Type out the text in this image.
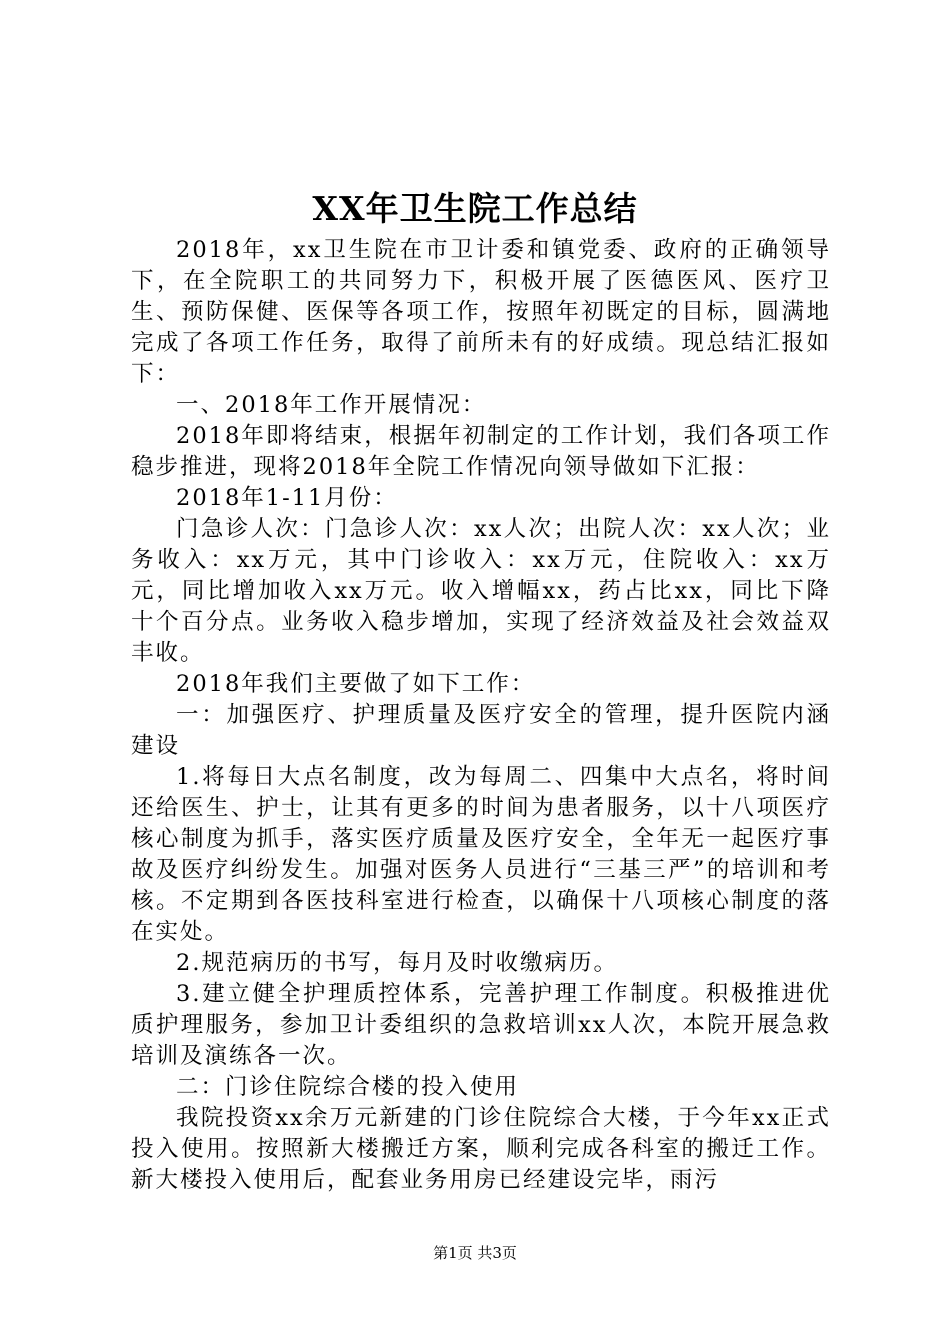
XX年卫生院工作总结

2018年，xx卫生院在市卫计委和镇党委、政府的正确领导下，在全院职工的共同努力下，积极开展了医德医风、医疗卫生、预防保健、医保等各项工作，按照年初既定的目标，圆满地完成了各项工作任务，取得了前所未有的好成绩。现总结汇报如下：

一、2018年工作开展情况：

2018年即将结束，根据年初制定的工作计划，我们各项工作稳步推进，现将2018年全院工作情况向领导做如下汇报：

2018年1-11月份：

门急诊人次：门急诊人次：xx人次；出院人次：xx人次；业务收入：xx万元，其中门诊收入：xx万元，住院收入：xx万元，同比增加收入xx万元。收入增幅xx，药占比xx，同比下降十个百分点。业务收入稳步增加，实现了经济效益及社会效益双丰收。

2018年我们主要做了如下工作：

一：加强医疗、护理质量及医疗安全的管理，提升医院内涵建设

1.将每日大点名制度，改为每周二、四集中大点名，将时间还给医生、护士，让其有更多的时间为患者服务，以十八项医疗核心制度为抓手，落实医疗质量及医疗安全，全年无一起医疗事故及医疗纠纷发生。加强对医务人员进行“三基三严”的培训和考核。不定期到各医技科室进行检查，以确保十八项核心制度的落在实处。

2.规范病历的书写，每月及时收缴病历。

3.建立健全护理质控体系，完善护理工作制度。积极推进优质护理服务，参加卫计委组织的急救培训xx人次，本院开展急救培训及演练各一次。

二：门诊住院综合楼的投入使用

我院投资xx余万元新建的门诊住院综合大楼，于今年xx正式投入使用。按照新大楼搬迁方案，顺利完成各科室的搬迁工作。新大楼投入使用后，配套业务用房已经建设完毕，雨污

第1页 共3页
